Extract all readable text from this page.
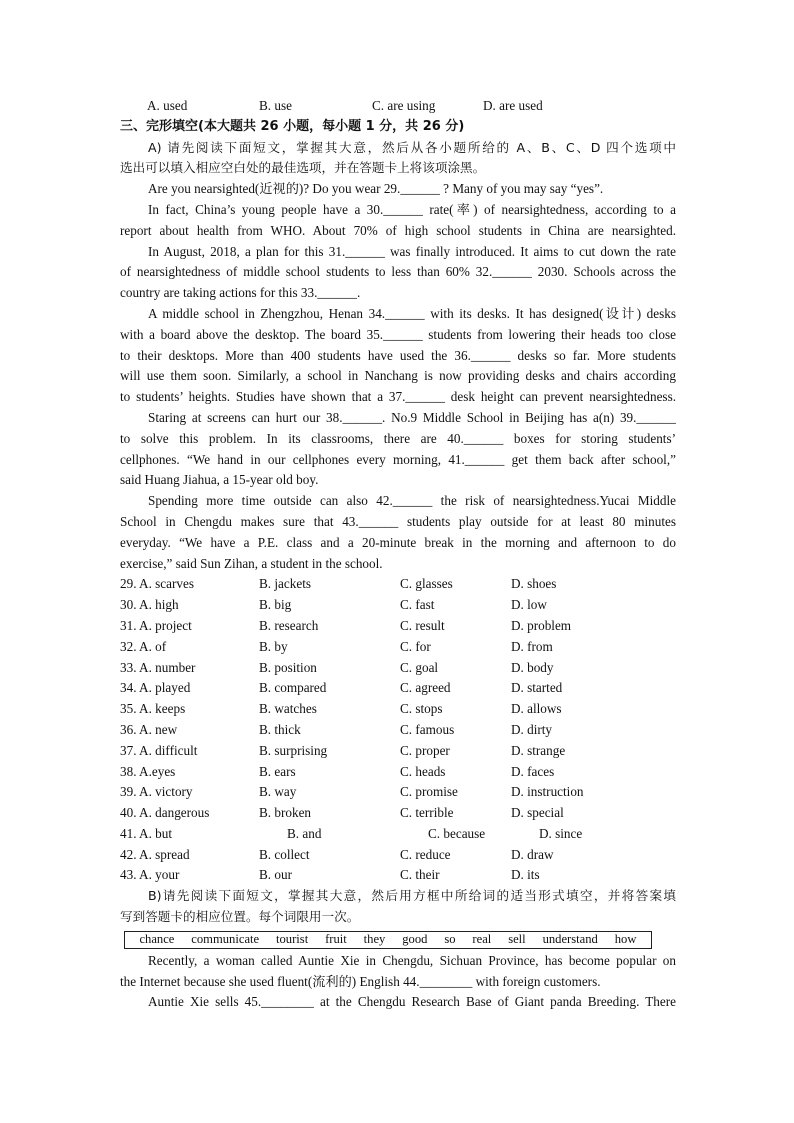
A. used	B. use	C. are using	D. are used
三、完形填空(本大题共 26 小题，每小题 1 分，共 26 分)
A) 请先阅读下面短文，掌握其大意，然后从各小题所给的 A、B、C、D 四个选项中
选出可以填入相应空白处的最佳选项，并在答题卡上将该项涂黑。
Are you nearsighted(近视的)? Do you wear 29.______ ? Many of you may say “yes”.
In fact, China’s young people have a 30.______ rate(率) of nearsightedness, according to a
report about health from WHO. About 70% of high school students in China are nearsighted.
In August, 2018, a plan for this 31.______ was finally introduced. It aims to cut down the rate
of nearsightedness of middle school students to less than 60% 32.______ 2030. Schools across the
country are taking actions for this 33.______.
A middle school in Zhengzhou, Henan 34.______ with its desks. It has designed(设计) desks
with a board above the desktop. The board 35.______ students from lowering their heads too close
to their desktops. More than 400 students have used the 36.______ desks so far. More students
will use them soon. Similarly, a school in Nanchang is now providing desks and chairs according
to students’ heights. Studies have shown that a 37.______ desk height can prevent nearsightedness.
Staring at screens can hurt our 38.______. No.9 Middle School in Beijing has a(n) 39.______
to solve this problem. In its classrooms, there are 40.______ boxes for storing students’
cellphones. “We hand in our cellphones every morning, 41.______ get them back after school,”
said Huang Jiahua, a 15-year old boy.
Spending more time outside can also 42.______ the risk of nearsightedness.Yucai Middle
School in Chengdu makes sure that 43.______ students play outside for at least 80 minutes
everyday. “We have a P.E. class and a 20-minute break in the morning and afternoon to do
exercise,” said Sun Zihan, a student in the school.
29. A. scarves	B. jackets	C. glasses	D. shoes
30. A. high	B. big	C. fast	D. low
31. A. project	B. research	C. result	D. problem
32. A. of	B. by	C. for	D. from
33. A. number	B. position	C. goal	D. body
34. A. played	B. compared	C. agreed	D. started
35. A. keeps	B. watches	C. stops	D. allows
36. A. new	B. thick	C. famous	D. dirty
37. A. difficult	B. surprising	C. proper	D. strange
38. A.eyes	B. ears	C. heads	D. faces
39. A. victory	B. way	C. promise	D. instruction
40. A. dangerous	B. broken	C. terrible	D. special
41. A. but	B. and	C. because	D. since
42. A. spread	B. collect	C. reduce	D. draw
43. A. your	B. our	C. their	D. its
B)请先阅读下面短文，掌握其大意，然后用方框中所给词的适当形式填空，并将答案填
写到答题卡的相应位置。每个词限用一次。
chance communicate tourist fruit they good so real sell understand how
Recently, a woman called Auntie Xie in Chengdu, Sichuan Province, has become popular on
the Internet because she used fluent(流利的) English 44.________ with foreign customers.
Auntie Xie sells 45.________ at the Chengdu Research Base of Giant panda Breeding. There
